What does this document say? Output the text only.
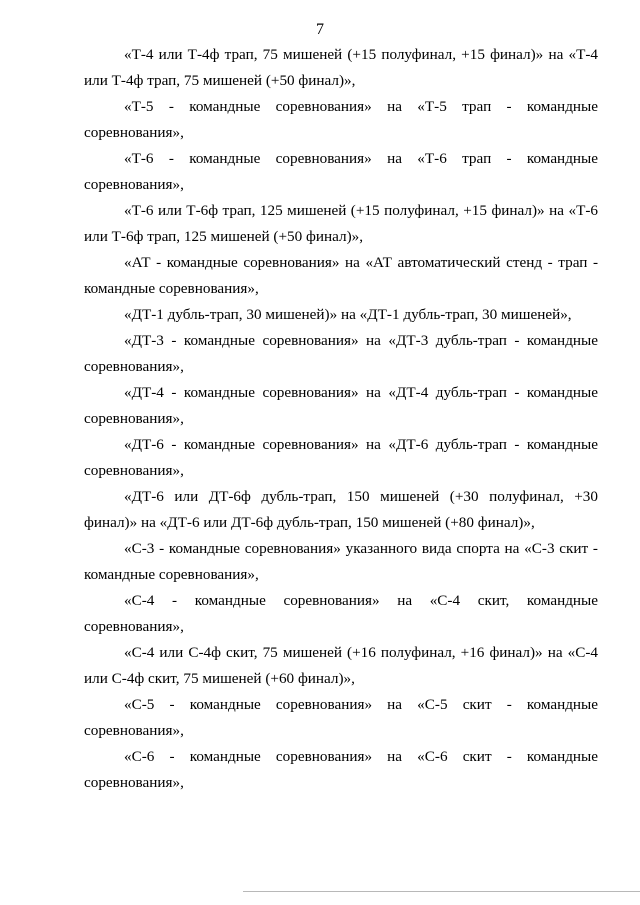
7

«Т-4 или Т-4ф трап, 75 мишеней (+15 полуфинал, +15 финал)» на «Т-4 или Т-4ф трап, 75 мишеней (+50 финал)»,

«Т-5 - командные соревнования» на «Т-5 трап - командные соревнования»,

«Т-6 - командные соревнования» на «Т-6 трап - командные соревнования»,

«Т-6 или Т-6ф трап, 125 мишеней (+15 полуфинал, +15 финал)» на «Т-6 или Т-6ф трап, 125 мишеней (+50 финал)»,

«АТ - командные соревнования» на «АТ автоматический стенд - трап - командные соревнования»,

«ДТ-1 дубль-трап, 30 мишеней)» на «ДТ-1 дубль-трап, 30 мишеней»,

«ДТ-3 - командные соревнования» на «ДТ-3 дубль-трап - командные соревнования»,

«ДТ-4 - командные соревнования» на «ДТ-4 дубль-трап - командные соревнования»,

«ДТ-6 - командные соревнования» на «ДТ-6 дубль-трап - командные соревнования»,

«ДТ-6 или ДТ-6ф дубль-трап, 150 мишеней (+30 полуфинал, +30 финал)» на «ДТ-6 или ДТ-6ф дубль-трап, 150 мишеней (+80 финал)»,

«С-3 - командные соревнования» указанного вида спорта на «С-3 скит - командные соревнования»,

«С-4 - командные соревнования» на «С-4 скит, командные соревнования»,

«С-4 или С-4ф скит, 75 мишеней (+16 полуфинал, +16 финал)» на «С-4 или С-4ф скит, 75 мишеней (+60 финал)»,

«С-5 - командные соревнования» на «С-5 скит - командные соревнования»,

«С-6 - командные соревнования» на «С-6 скит - командные соревнования»,
